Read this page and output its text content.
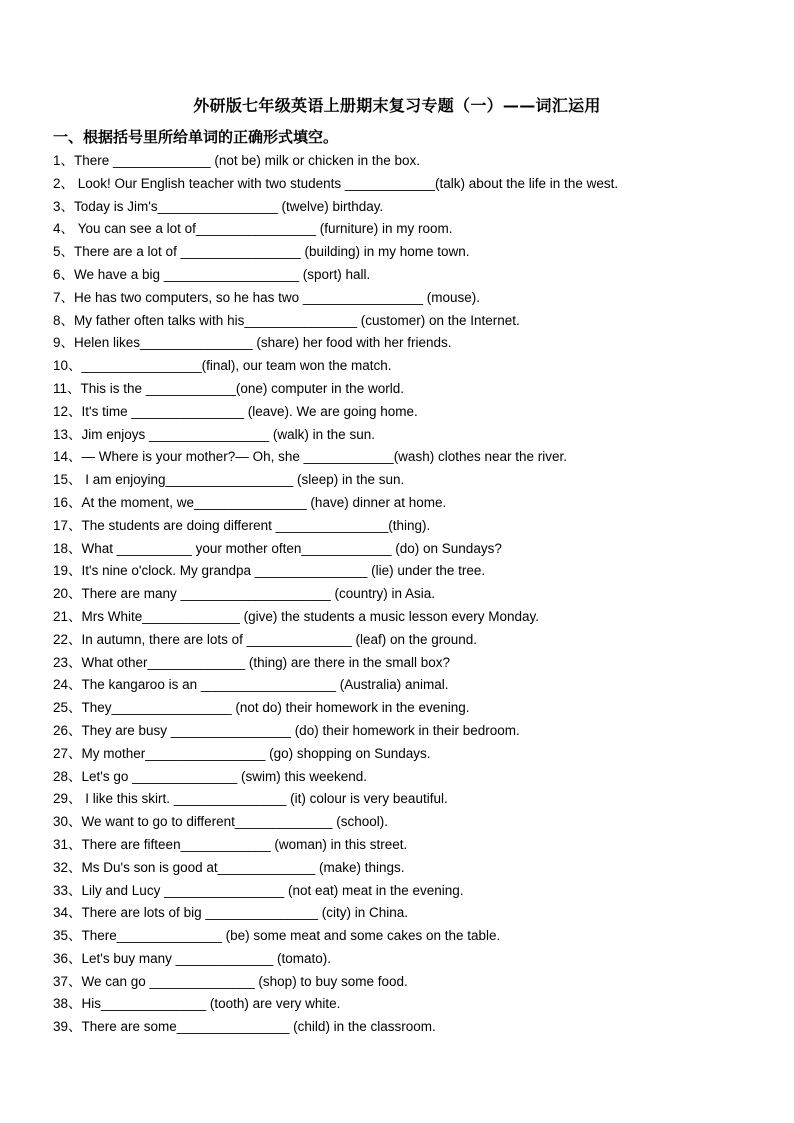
外研版七年级英语上册期末复习专题（一）——词汇运用
一、根据括号里所给单词的正确形式填空。
1、There _____________ (not be) milk or chicken in the box.
2、 Look! Our English teacher with two students ____________(talk) about the life in the west.
3、Today is Jim's________________ (twelve) birthday.
4、 You can see a lot of________________ (furniture) in my room.
5、There are a lot of ________________ (building) in my home town.
6、We have a big __________________ (sport) hall.
7、He has two computers, so he has two ________________ (mouse).
8、My father often talks with his_______________ (customer) on the Internet.
9、Helen likes_______________ (share) her food with her friends.
10、________________(final), our team won the match.
11、This is the ____________(one) computer in the world.
12、It's time _______________ (leave). We are going home.
13、Jim enjoys ________________ (walk) in the sun.
14、— Where is your mother?— Oh, she ____________(wash) clothes near the river.
15、 I am enjoying_________________ (sleep) in the sun.
16、At the moment, we_______________ (have) dinner at home.
17、The students are doing different _______________(thing).
18、What __________ your mother often____________ (do) on Sundays?
19、It's nine o'clock. My grandpa _______________ (lie) under the tree.
20、There are many ____________________ (country) in Asia.
21、Mrs White_____________ (give) the students a music lesson every Monday.
22、In autumn, there are lots of ______________ (leaf) on the ground.
23、What other_____________ (thing) are there in the small box?
24、The kangaroo is an __________________ (Australia) animal.
25、They________________ (not do) their homework in the evening.
26、They are busy ________________ (do) their homework in their bedroom.
27、My mother________________ (go) shopping on Sundays.
28、Let's go ______________ (swim) this weekend.
29、 I like this skirt. _______________ (it) colour is very beautiful.
30、We want to go to different_____________ (school).
31、There are fifteen____________ (woman) in this street.
32、Ms Du's son is good at_____________ (make) things.
33、Lily and Lucy ________________ (not eat) meat in the evening.
34、There are lots of big _______________ (city) in China.
35、There______________ (be) some meat and some cakes on the table.
36、Let's buy many _____________ (tomato).
37、We can go ______________ (shop) to buy some food.
38、His______________ (tooth) are very white.
39、There are some_______________ (child) in the classroom.
